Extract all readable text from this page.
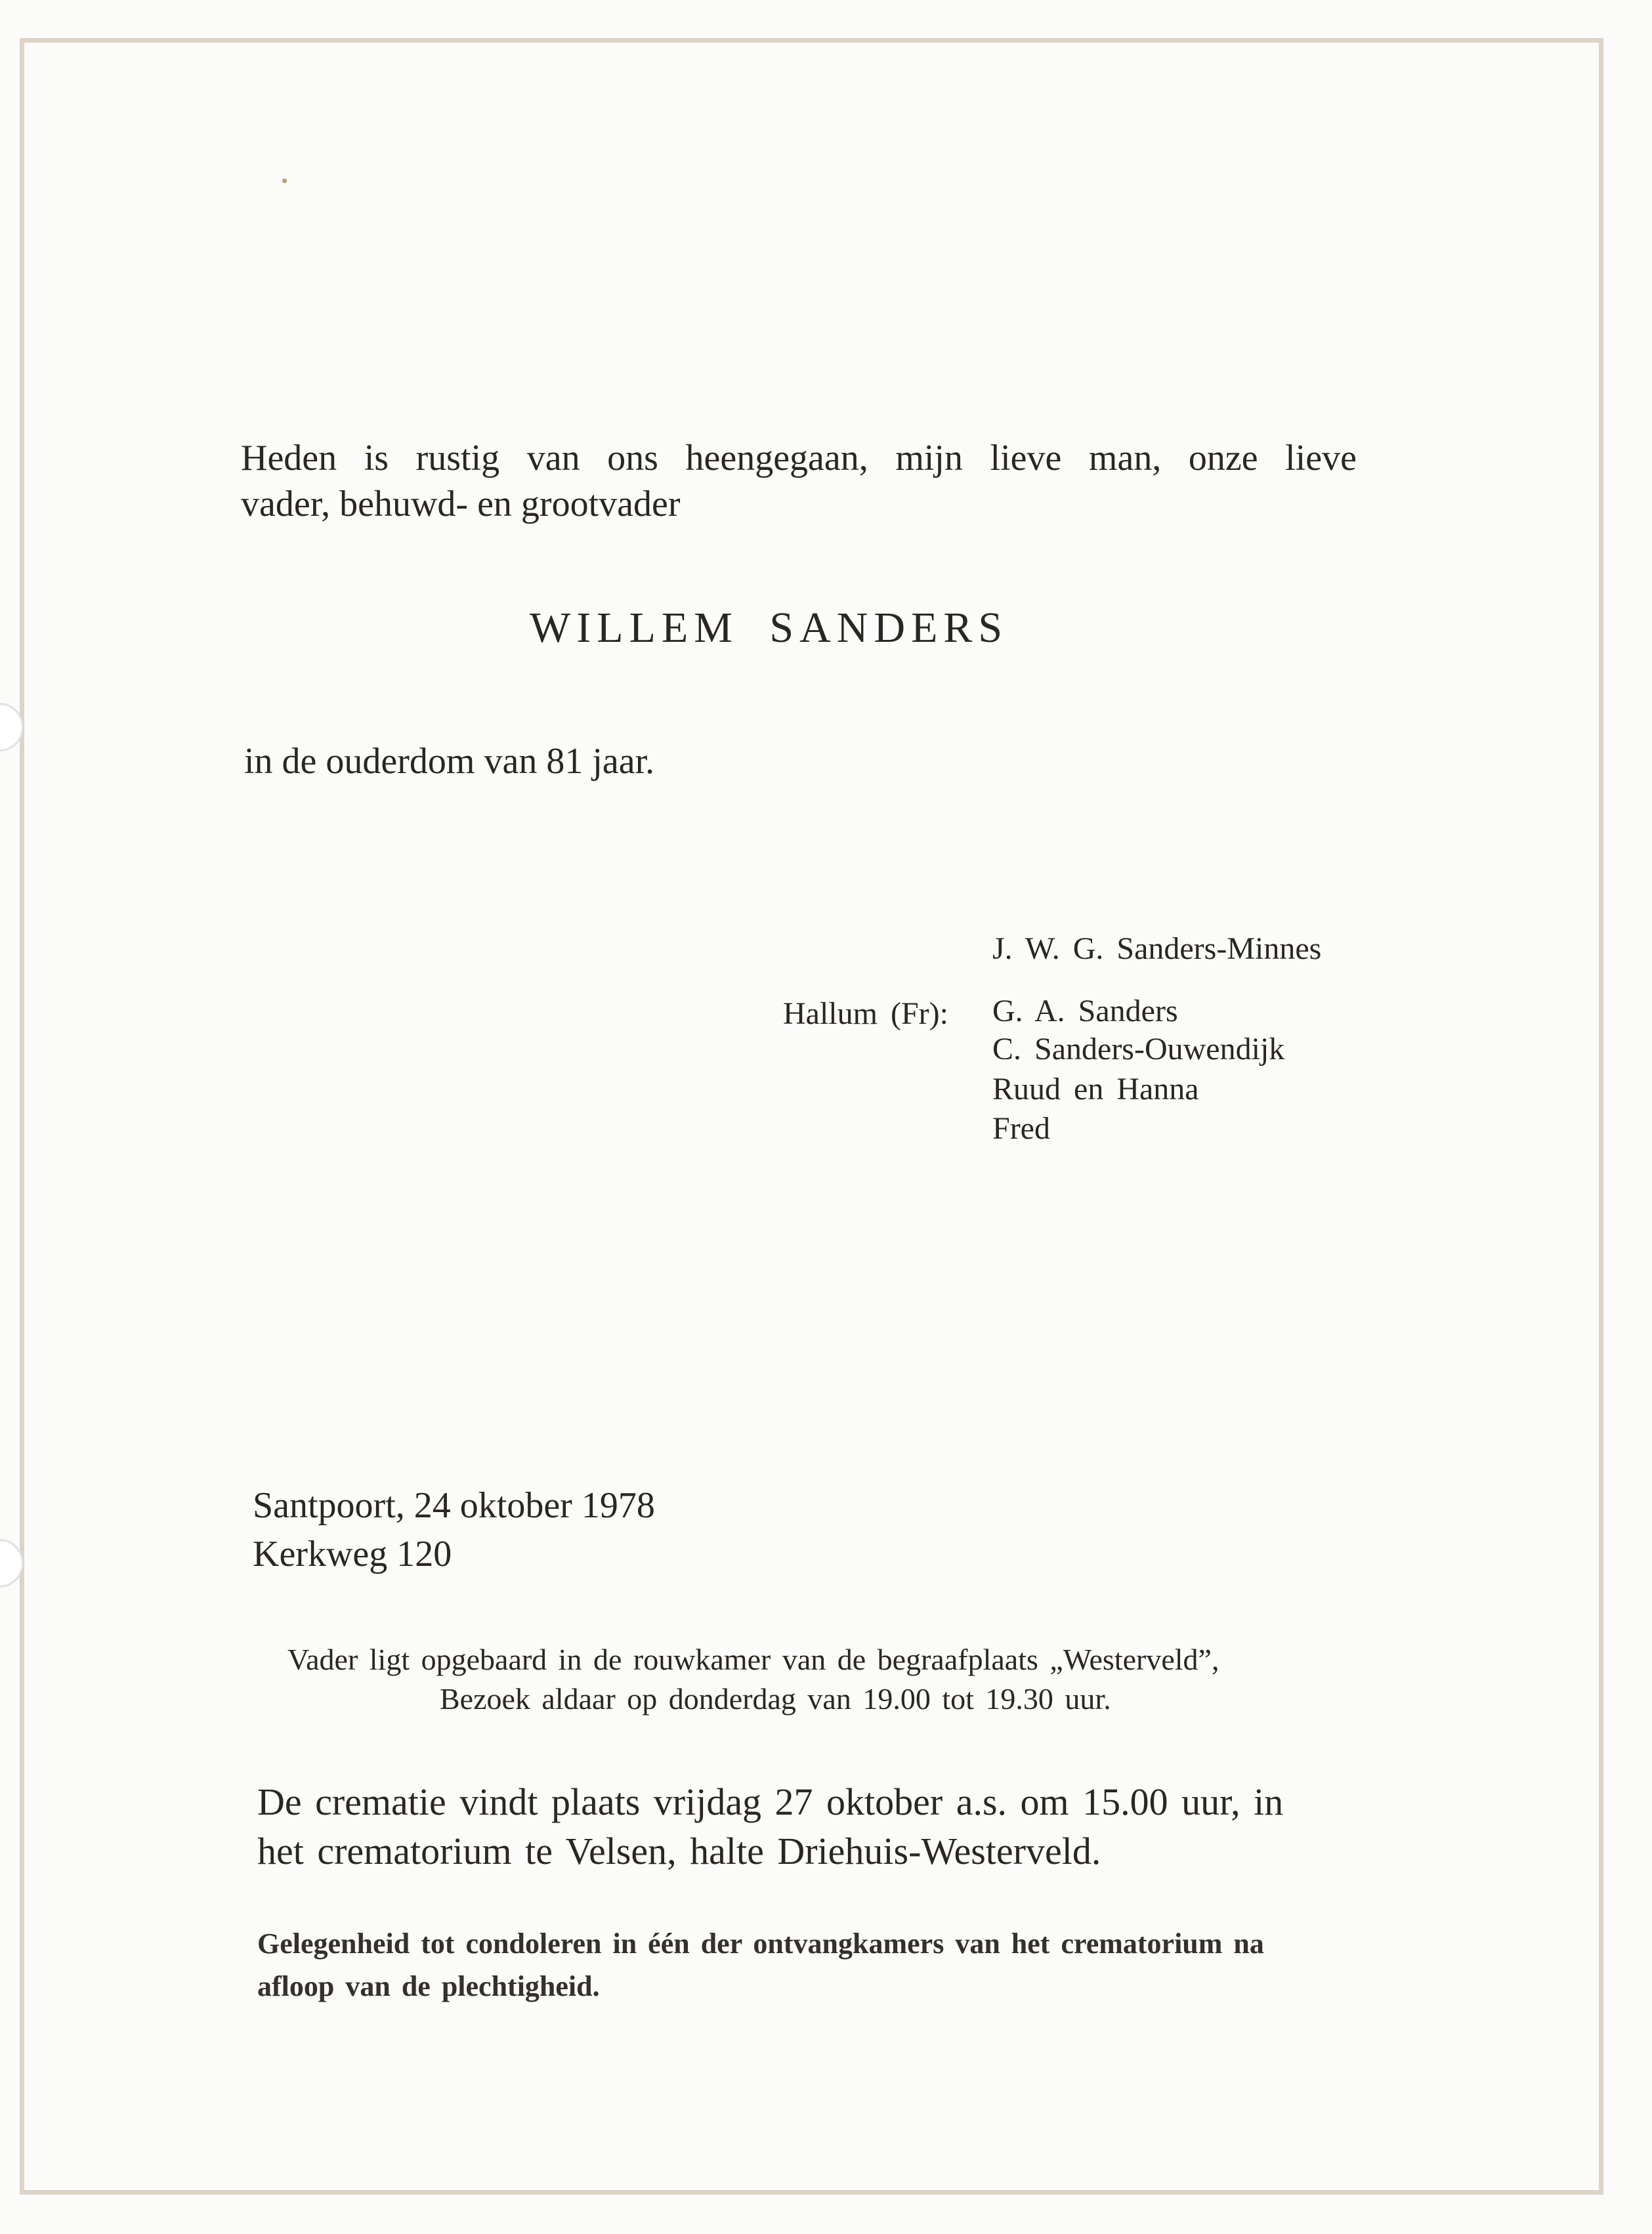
Heden is rustig van ons heengegaan, mijn lieve man, onze lieve
vader, behuwd- en grootvader
WILLEM SANDERS
in de ouderdom van 81 jaar.
J. W. G. Sanders-Minnes
Hallum (Fr): G. A. Sanders
C. Sanders-Ouwendijk
Ruud en Hanna
Fred
Santpoort, 24 oktober 1978
Kerkweg 120
Vader ligt opgebaard in de rouwkamer van de begraafplaats „Westerveld”,
Bezoek aldaar op donderdag van 19.00 tot 19.30 uur.
De crematie vindt plaats vrijdag 27 oktober a.s. om 15.00 uur, in
het crematorium te Velsen, halte Driehuis-Westerveld.
Gelegenheid tot condoleren in één der ontvangkamers van het crematorium na
afloop van de plechtigheid.
